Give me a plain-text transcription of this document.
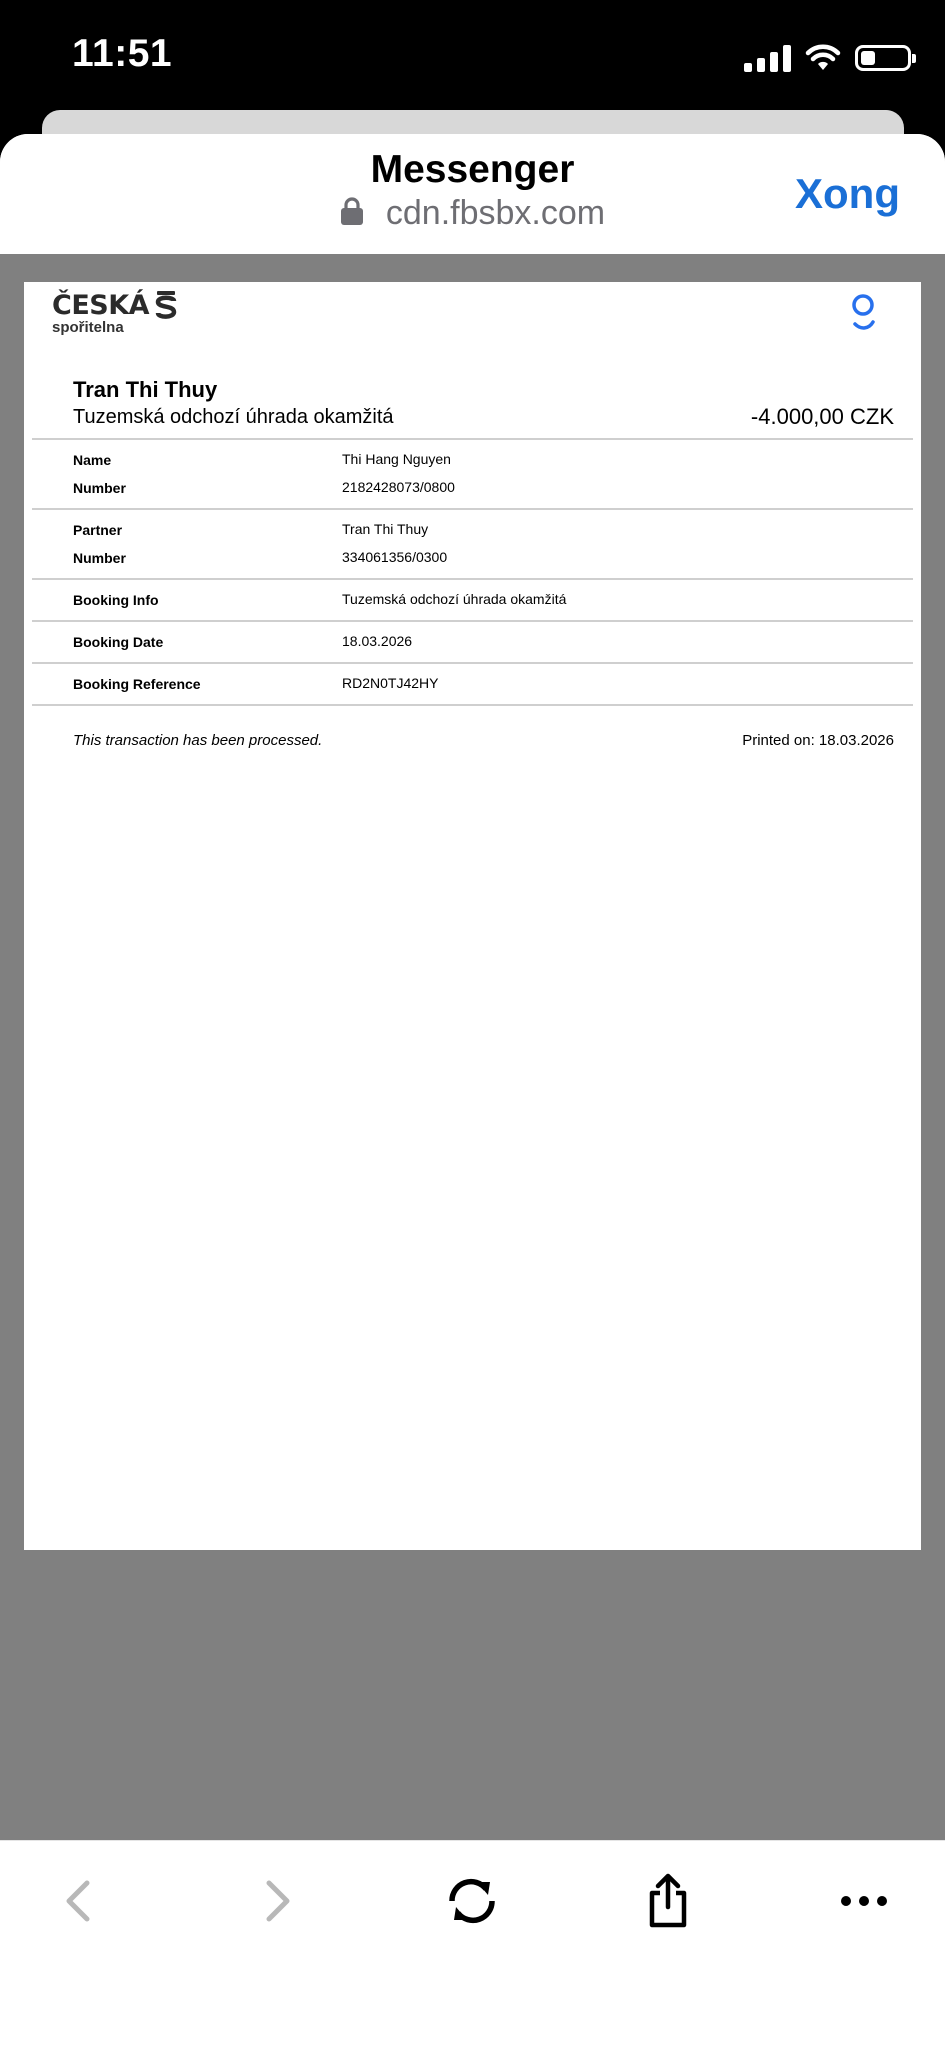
11:51
Messenger
cdn.fbsbx.com	Xong
ČESKÁ
spořitelna
Tran Thi Thuy
Tuzemská odchozí úhrada okamžitá	-4.000,00 CZK
Name	Thi Hang Nguyen
Number	2182428073/0800
Partner	Tran Thi Thuy
Number	334061356/0300
Booking Info	Tuzemská odchozí úhrada okamžitá
Booking Date	18.03.2026
Booking Reference	RD2N0TJ42HY
This transaction has been processed.	Printed on: 18.03.2026
